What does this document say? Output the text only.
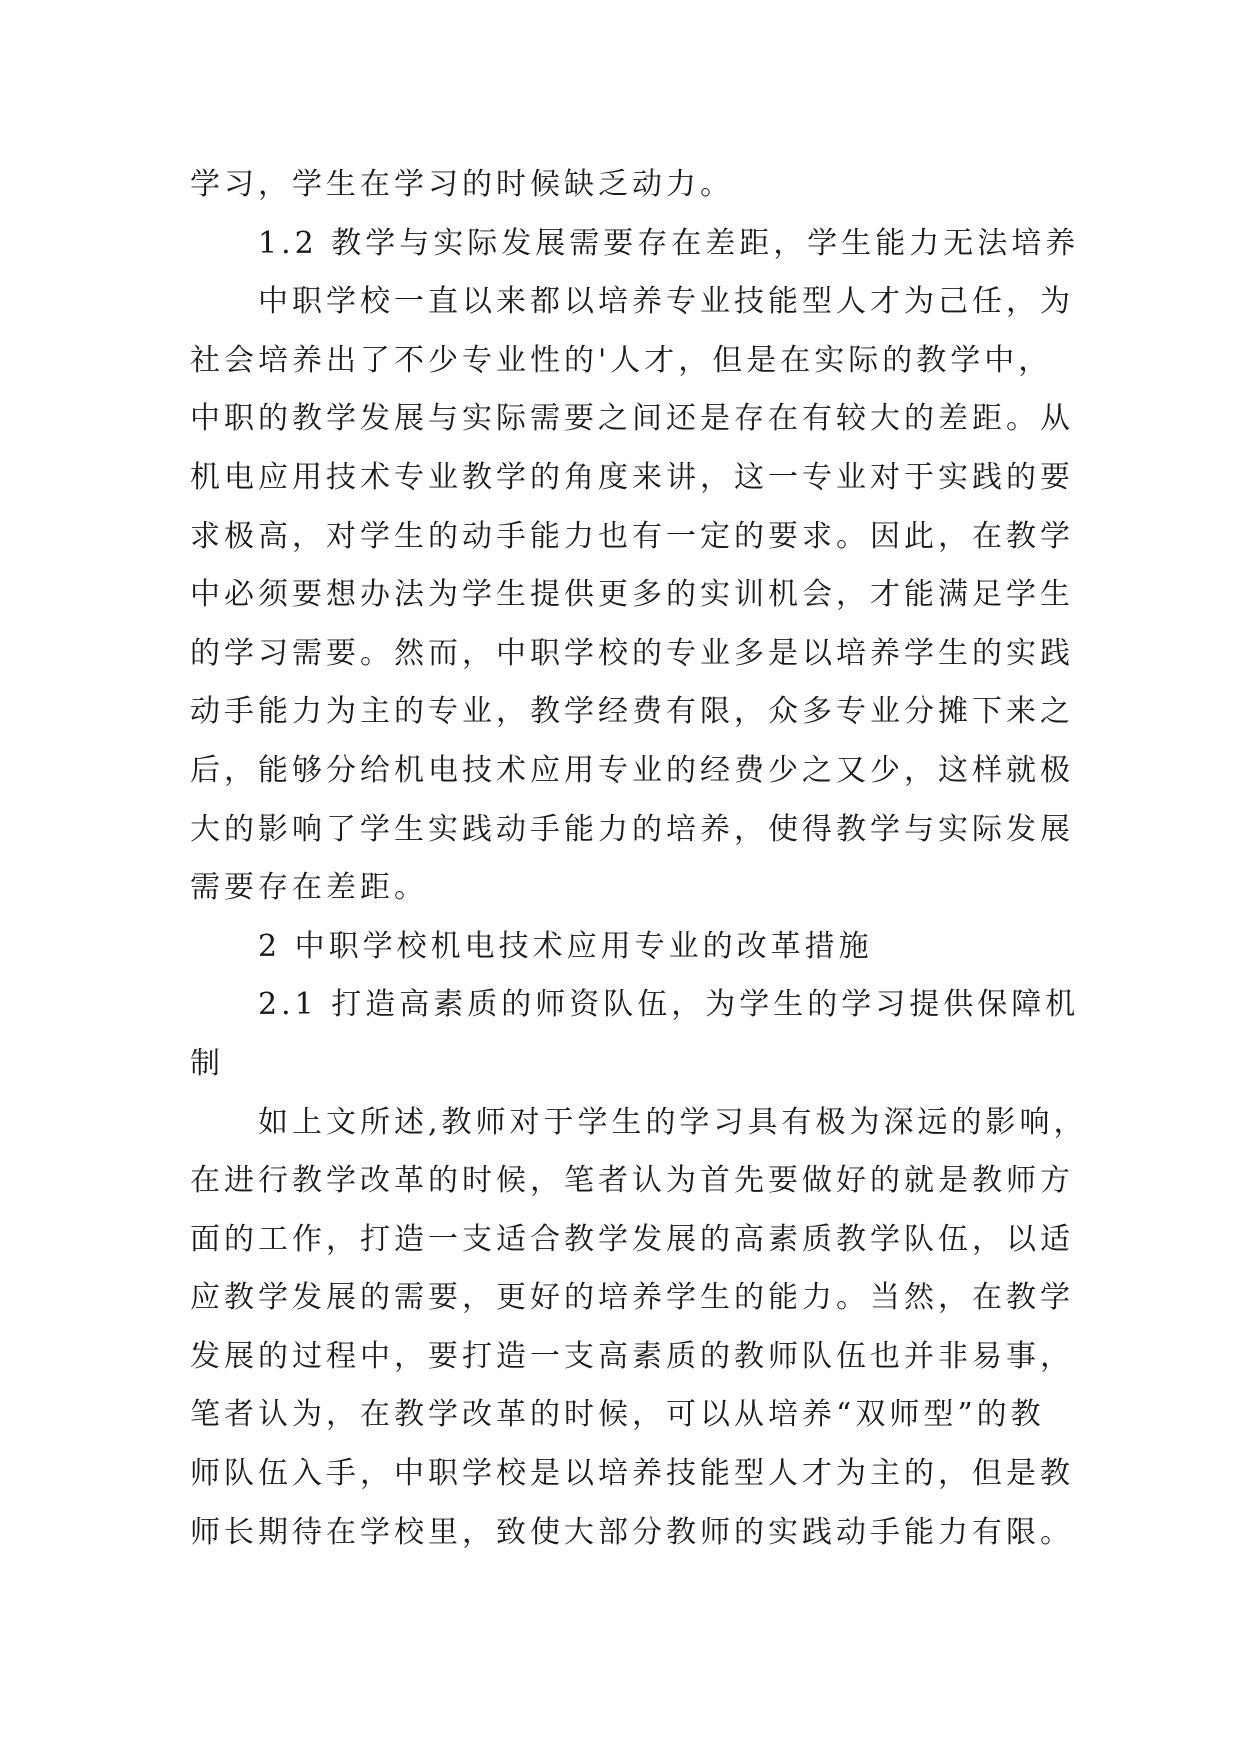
学习，学生在学习的时候缺乏动力。
1.2 教学与实际发展需要存在差距，学生能力无法培养
中职学校一直以来都以培养专业技能型人才为己任，为
社会培养出了不少专业性的'人才，但是在实际的教学中，
中职的教学发展与实际需要之间还是存在有较大的差距。从
机电应用技术专业教学的角度来讲，这一专业对于实践的要
求极高，对学生的动手能力也有一定的要求。因此，在教学
中必须要想办法为学生提供更多的实训机会，才能满足学生
的学习需要。然而，中职学校的专业多是以培养学生的实践
动手能力为主的专业，教学经费有限，众多专业分摊下来之
后，能够分给机电技术应用专业的经费少之又少，这样就极
大的影响了学生实践动手能力的培养，使得教学与实际发展
需要存在差距。
2 中职学校机电技术应用专业的改革措施
2.1 打造高素质的师资队伍，为学生的学习提供保障机
制
如上文所述,教师对于学生的学习具有极为深远的影响，
在进行教学改革的时候，笔者认为首先要做好的就是教师方
面的工作，打造一支适合教学发展的高素质教学队伍，以适
应教学发展的需要，更好的培养学生的能力。当然，在教学
发展的过程中，要打造一支高素质的教师队伍也并非易事，
笔者认为，在教学改革的时候，可以从培养“双师型”的教
师队伍入手，中职学校是以培养技能型人才为主的，但是教
师长期待在学校里，致使大部分教师的实践动手能力有限。
